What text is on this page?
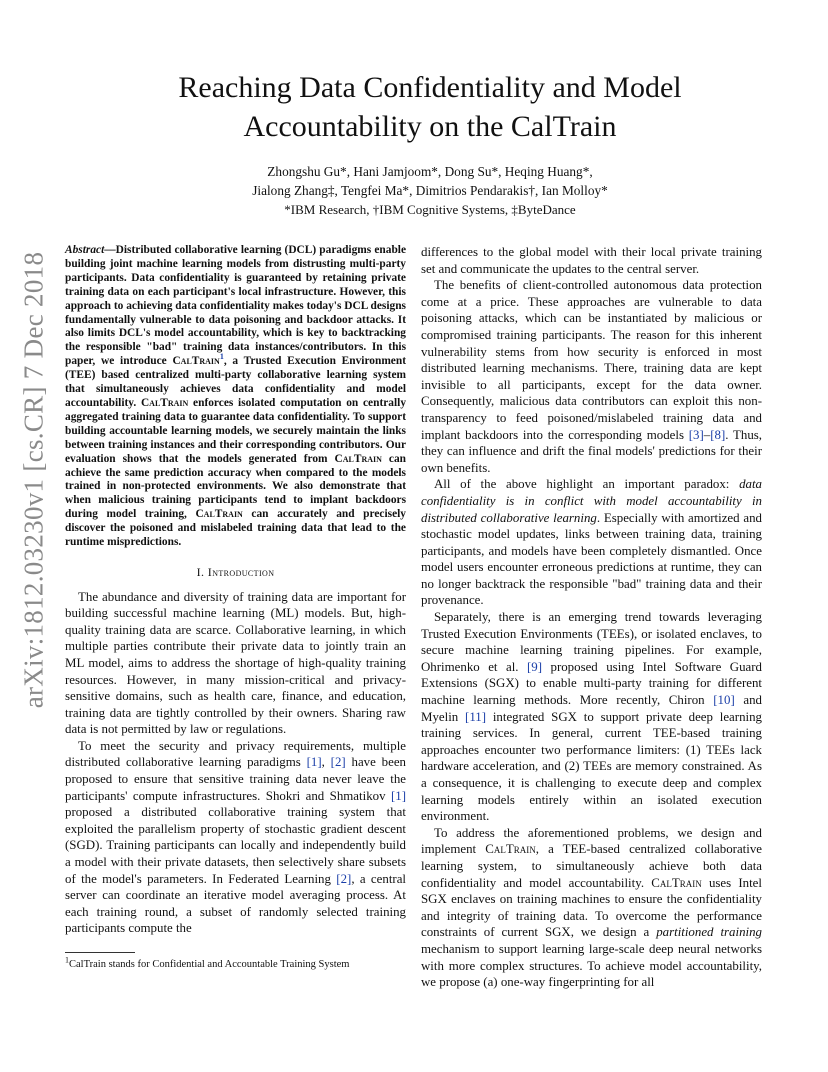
arXiv:1812.03230v1 [cs.CR] 7 Dec 2018
Reaching Data Confidentiality and Model
Accountability on the CalTrain
Zhongshu Gu*, Hani Jamjoom*, Dong Su*, Heqing Huang*,
Jialong Zhang‡, Tengfei Ma*, Dimitrios Pendarakis†, Ian Molloy*
*IBM Research, †IBM Cognitive Systems, ‡ByteDance

Abstract—Distributed collaborative learning (DCL) paradigms enable building joint machine learning models from distrusting multi-party participants. Data confidentiality is guaranteed by retaining private training data on each participant's local infrastructure. However, this approach to achieving data confidentiality makes today's DCL designs fundamentally vulnerable to data poisoning and backdoor attacks. It also limits DCL's model accountability, which is key to backtracking the responsible "bad" training data instances/contributors. In this paper, we introduce CalTrain$^1$, a Trusted Execution Environment (TEE) based centralized multi-party collaborative learning system that simultaneously achieves data confidentiality and model accountability. CalTrain enforces isolated computation on centrally aggregated training data to guarantee data confidentiality. To support building accountable learning models, we securely maintain the links between training instances and their corresponding contributors. Our evaluation shows that the models generated from CalTrain can achieve the same prediction accuracy when compared to the models trained in non-protected environments. We also demonstrate that when malicious training participants tend to implant backdoors during model training, CalTrain can accurately and precisely discover the poisoned and mislabeled training data that lead to the runtime mispredictions.

I. Introduction

The abundance and diversity of training data are important for building successful machine learning (ML) models. But, high-quality training data are scarce. Collaborative learning, in which multiple parties contribute their private data to jointly train an ML model, aims to address the shortage of high-quality training resources. However, in many mission-critical and privacy-sensitive domains, such as health care, finance, and education, training data are tightly controlled by their owners. Sharing raw data is not permitted by law or regulations.

To meet the security and privacy requirements, multiple distributed collaborative learning paradigms [1], [2] have been proposed to ensure that sensitive training data never leave the participants' compute infrastructures. Shokri and Shmatikov [1] proposed a distributed collaborative training system that exploited the parallelism property of stochastic gradient descent (SGD). Training participants can locally and independently build a model with their private datasets, then selectively share subsets of the model's parameters. In Federated Learning [2], a central server can coordinate an iterative model averaging process. At each training round, a subset of randomly selected training participants compute the

$^1$CalTrain stands for Confidential and Accountable Training System

differences to the global model with their local private training set and communicate the updates to the central server.

The benefits of client-controlled autonomous data protection come at a price. These approaches are vulnerable to data poisoning attacks, which can be instantiated by malicious or compromised training participants. The reason for this inherent vulnerability stems from how security is enforced in most distributed learning mechanisms. There, training data are kept invisible to all participants, except for the data owner. Consequently, malicious data contributors can exploit this non-transparency to feed poisoned/mislabeled training data and implant backdoors into the corresponding models [3]–[8]. Thus, they can influence and drift the final models' predictions for their own benefits.

All of the above highlight an important paradox: data confidentiality is in conflict with model accountability in distributed collaborative learning. Especially with amortized and stochastic model updates, links between training data, training participants, and models have been completely dismantled. Once model users encounter erroneous predictions at runtime, they can no longer backtrack the responsible "bad" training data and their provenance.

Separately, there is an emerging trend towards leveraging Trusted Execution Environments (TEEs), or isolated enclaves, to secure machine learning training pipelines. For example, Ohrimenko et al. [9] proposed using Intel Software Guard Extensions (SGX) to enable multi-party training for different machine learning methods. More recently, Chiron [10] and Myelin [11] integrated SGX to support private deep learning training services. In general, current TEE-based training approaches encounter two performance limiters: (1) TEEs lack hardware acceleration, and (2) TEEs are memory constrained. As a consequence, it is challenging to execute deep and complex learning models entirely within an isolated execution environment.

To address the aforementioned problems, we design and implement CalTrain, a TEE-based centralized collaborative learning system, to simultaneously achieve both data confidentiality and model accountability. CalTrain uses Intel SGX enclaves on training machines to ensure the confidentiality and integrity of training data. To overcome the performance constraints of current SGX, we design a partitioned training mechanism to support learning large-scale deep neural networks with more complex structures. To achieve model accountability, we propose (a) one-way fingerprinting for all
